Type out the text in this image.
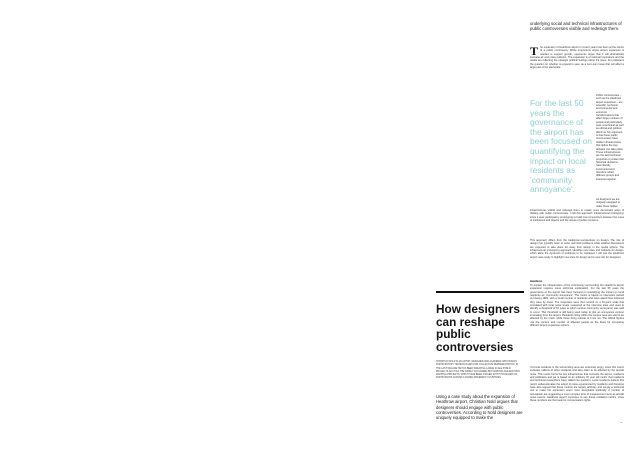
How designers
can reshape
public
controversies

CHRISTIAN NOLD IS AN ARTIST, DESIGNER AND ACADEMIC WHO BUILDS PARTICIPATORY TECHNOLOGIES FOR COLLECTIVE REPRESENTATION. IN THE LAST DECADE HE HAS BEEN CREATING LARGE SCALE PUBLIC PROJECTS SUCH AS THE WIDELY ACCLAIMED BIO MAPPING AND EMOTION MAPPING PROJECTS, WHICH HAVE BEEN STAGED WITH THOUSANDS OF PARTICIPANTS ACROSS A DOZEN DIFFERENT COUNTRIES.

Using a case study about the expansion of Heathrow airport, Christian Nold argues that designers should engage with public controversies. According to Nold designers are uniquely equipped to make the

underlying social and technical infrastructures of public controversies visible and redesign them.

The expansion of Heathrow airport in recent years has been at the centre of a public controversy. While proponents argue airport expansion is needed to support growth, opponents argue that it will dramatically increase air and noise pollution. The expansion is of national importance and the media are reflecting the strategic political feelings about the issue. For politicians the question on whether to expand is seen as a zero-sum issue that will affect a large part of the electorate.

For the last 50 years the governance of the airport has been focused on quantifying the impact on local residents as 'community annoyance'.

Public controversies – such as the Heathrow airport expansion – are scientific, technical, environmental and economic transformations that affect large numbers of people and particularly pose a technical as well as ethical and political dilemma. My argument is that these public controversies have hidden infrastructures that define the way debates can take place. These infrastructures are the tacit technical properties or scales that historical decisions have literally constructed and therefore reflect different groups and interests together.

As designers we are uniquely equipped to make these hidden

infrastructures visible and redesign them to create more democratic ways of dealing with public controversies. I call this approach 'infrastructural prototyping' since it uses participatory prototyping to build new connections between the mess of institutions and objects and the issues of public concerns.

This approach differs from the traditional perspectives on design. The role of design has typically been to solve technical problems while political discussions are expected to take place far away from design in the media sphere. The infrastructural prototyping approach identifies new sites and subjects for design, which allow the dynamics of problems to be reshaped. I will use the Heathrow airport case study to highlight new sites for design and a new role for designers.

Heathrow

To explain the infrastructure of the controversy surrounding the Heathrow airport expansion requires some technical explanation. For the last 50 years the governance of the airport has been focused on quantifying the impact on local residents as 'community annoyance'. The metric is based on interviews carried out during 1982, with a small number of residents who were asked how bothered they were by noise. The responses were then scored on a 10-point scale that correlated with local noise levels measured at the interview sites and used to identify a threshold of 57 LAeq at which serious community annoyance was said to occur. This threshold is still being used today to plot an annoyance contour emanating from the airport. Residents living within the contour area are said to be affected by the noise, while those living outside of it are not. The official figures use the contour and number of affected people as the basis for comparing different airport expansion options.

Yet local residents in the surrounding area are extremely angry, since this metric excludes millions of other residents who also claim to be affected by the aircraft noise. This metric forms the key infrastructure that connects the airport, residents and politicians and yet is based on an arbitrary 30 year old metric that residents and technical researchers have called into question. Local residents believe this metric underestimates the extent of noise experienced by residents and therefore have also argued that these metrics are largely arbitrary and simply a technical tool to make the expansion seem more acceptable politically. A number of acoustician are suggesting a more complex form of measurement such as aircraft noise events. Heathrow airport continues to use these outdated metrics, since these numbers are the basis for compensation rights.

→
